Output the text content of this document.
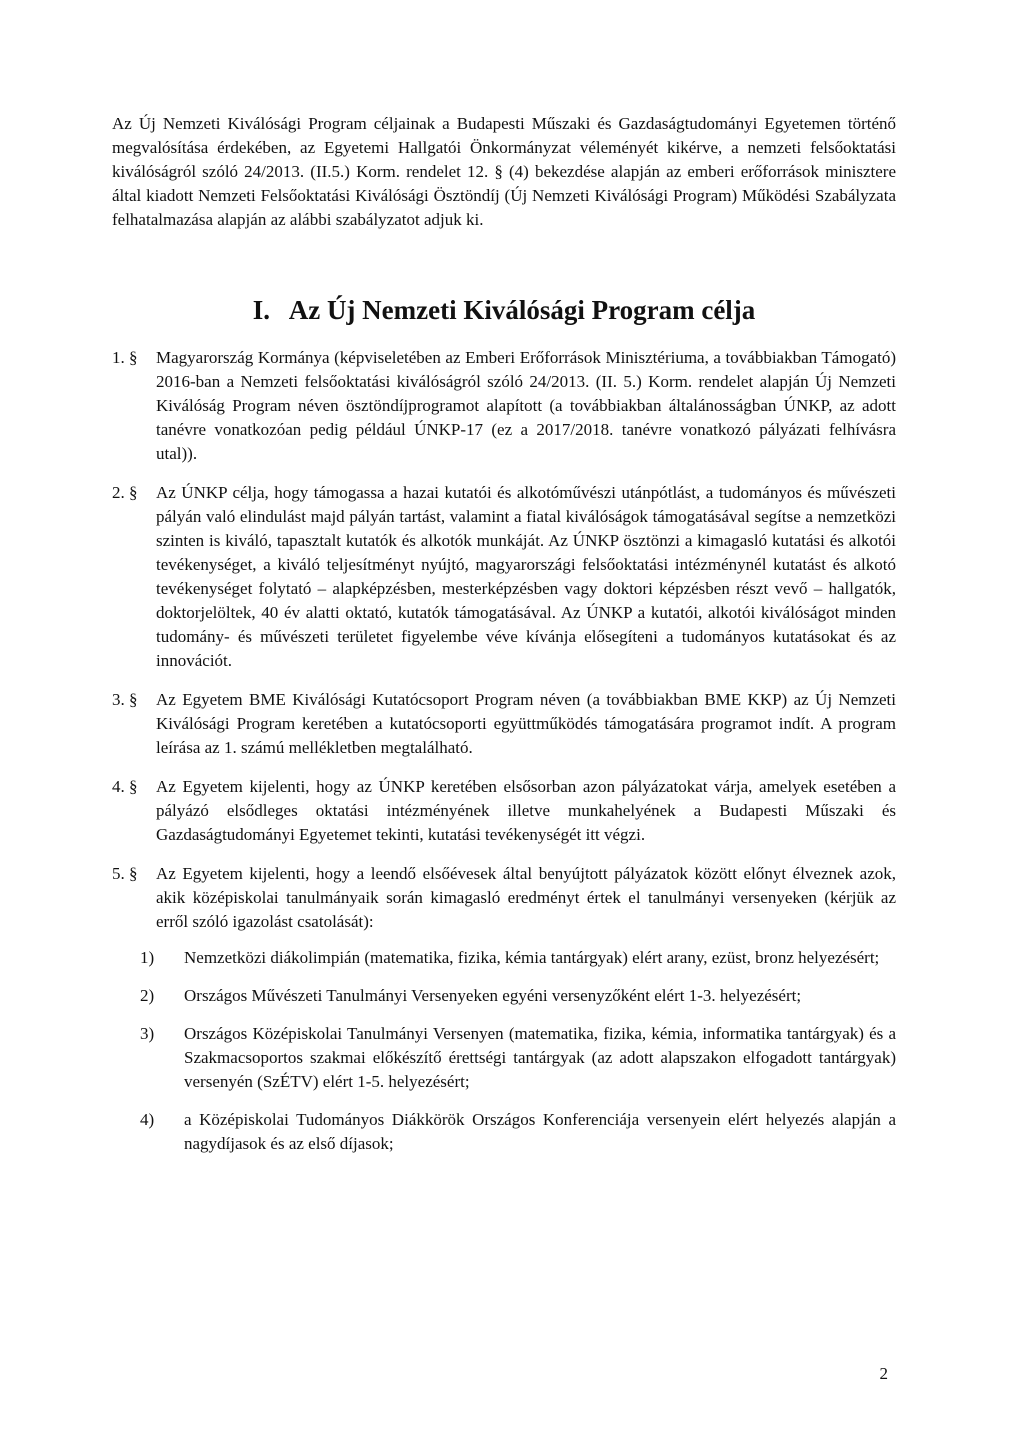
Az Új Nemzeti Kiválósági Program céljainak a Budapesti Műszaki és Gazdaságtudományi Egyetemen történő megvalósítása érdekében, az Egyetemi Hallgatói Önkormányzat véleményét kikérve, a nemzeti felsőoktatási kiválóságról szóló 24/2013. (II.5.) Korm. rendelet 12. § (4) bekezdése alapján az emberi erőforrások minisztere által kiadott Nemzeti Felsőoktatási Kiválósági Ösztöndíj (Új Nemzeti Kiválósági Program) Működési Szabályzata felhatalmazása alapján az alábbi szabályzatot adjuk ki.

I.   Az Új Nemzeti Kiválósági Program célja
1. §	Magyarország Kormánya (képviseletében az Emberi Erőforrások Minisztériuma, a továbbiakban Támogató) 2016-ban a Nemzeti felsőoktatási kiválóságról szóló 24/2013. (II. 5.) Korm. rendelet alapján Új Nemzeti Kiválóság Program néven ösztöndíjprogramot alapított (a továbbiakban általánosságban ÚNKP, az adott tanévre vonatkozóan pedig például ÚNKP-17 (ez a 2017/2018. tanévre vonatkozó pályázati felhívásra utal)).
2. §	Az ÚNKP célja, hogy támogassa a hazai kutatói és alkotóművészi utánpótlást, a tudományos és művészeti pályán való elindulást majd pályán tartást, valamint a fiatal kiválóságok támogatásával segítse a nemzetközi szinten is kiváló, tapasztalt kutatók és alkotók munkáját. Az ÚNKP ösztönzi a kimagasló kutatási és alkotói tevékenységet, a kiváló teljesítményt nyújtó, magyarországi felsőoktatási intézménynél kutatást és alkotó tevékenységet folytató – alapképzésben, mesterképzésben vagy doktori képzésben részt vevő – hallgatók, doktorjelöltek, 40 év alatti oktató, kutatók támogatásával. Az ÚNKP a kutatói, alkotói kiválóságot minden tudomány- és művészeti területet figyelembe véve kívánja elősegíteni a tudományos kutatásokat és az innovációt.
3. §	Az Egyetem BME Kiválósági Kutatócsoport Program néven (a továbbiakban BME KKP) az Új Nemzeti Kiválósági Program keretében a kutatócsoporti együttműködés támogatására programot indít. A program leírása az 1. számú mellékletben megtalálható.
4. §	Az Egyetem kijelenti, hogy az ÚNKP keretében elsősorban azon pályázatokat várja, amelyek esetében a pályázó elsődleges oktatási intézményének illetve munkahelyének a Budapesti Műszaki és Gazdaságtudományi Egyetemet tekinti, kutatási tevékenységét itt végzi.
5. §	Az Egyetem kijelenti, hogy a leendő elsőévesek által benyújtott pályázatok között előnyt élveznek azok, akik középiskolai tanulmányaik során kimagasló eredményt értek el tanulmányi versenyeken (kérjük az erről szóló igazolást csatolását):
1)	Nemzetközi diákolimpián (matematika, fizika, kémia tantárgyak) elért arany, ezüst, bronz helyezésért;
2)	Országos Művészeti Tanulmányi Versenyeken egyéni versenyzőként elért 1-3. helyezésért;
3)	Országos Középiskolai Tanulmányi Versenyen (matematika, fizika, kémia, informatika tantárgyak) és a Szakmacsoportos szakmai előkészítő érettségi tantárgyak (az adott alapszakon elfogadott tantárgyak) versenyén (SzÉTV) elért 1-5. helyezésért;
4)	a Középiskolai Tudományos Diákkörök Országos Konferenciája versenyein elért helyezés alapján a nagydíjasok és az első díjasok;
2
